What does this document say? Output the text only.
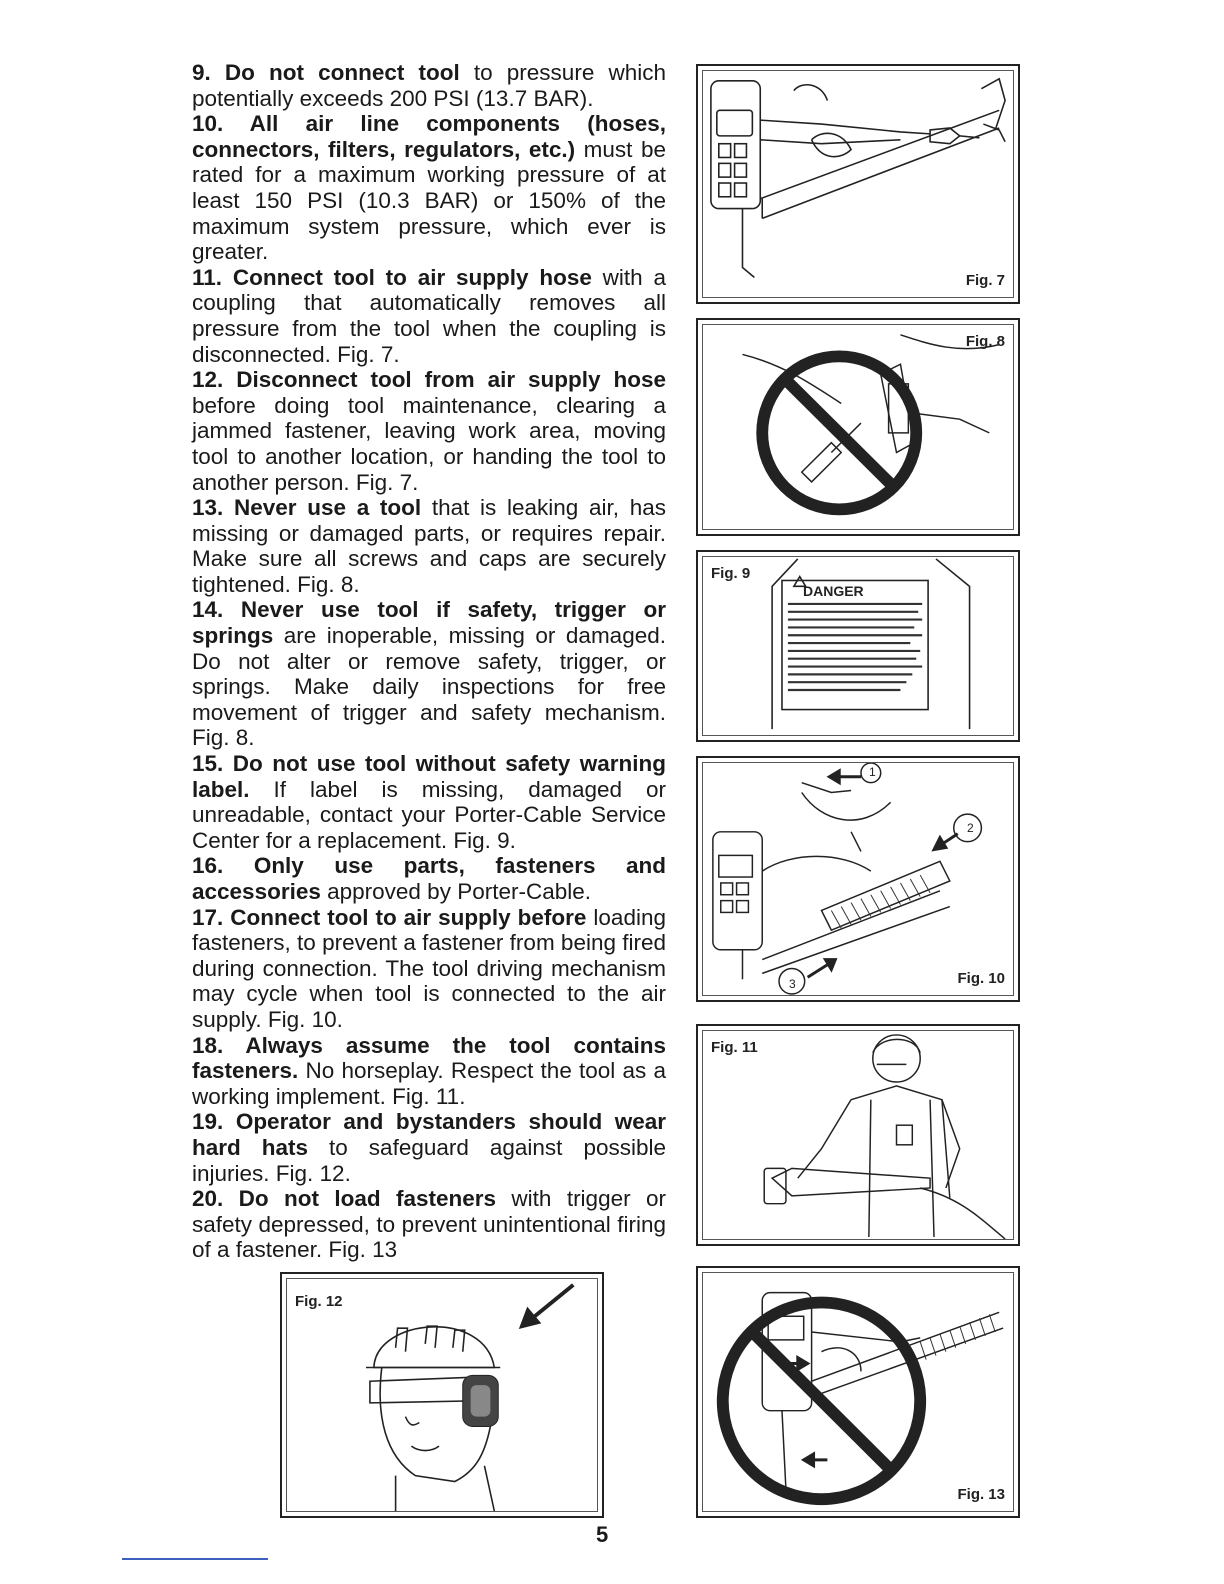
9. Do not connect tool to pressure which potentially exceeds 200 PSI (13.7 BAR).

10. All air line components (hoses, connectors, filters, regulators, etc.) must be rated for a maximum working pressure of at least 150 PSI (10.3 BAR) or 150% of the maximum system pressure, which ever is greater.

11. Connect tool to air supply hose with a coupling that automatically removes all pressure from the tool when the coupling is disconnected. Fig. 7.

12. Disconnect tool from air supply hose before doing tool maintenance, clearing a jammed fastener, leaving work area, moving tool to another location, or handing the tool to another person. Fig. 7.

13. Never use a tool that is leaking air, has missing or damaged parts, or requires repair. Make sure all screws and caps are securely tightened. Fig. 8.

14. Never use tool if safety, trigger or springs are inoperable, missing or damaged. Do not alter or remove safety, trigger, or springs. Make daily inspections for free movement of trigger and safety mechanism. Fig. 8.

15. Do not use tool without safety warning label. If label is missing, damaged or unreadable, contact your Porter-Cable Service Center for a replacement. Fig. 9.

16. Only use parts, fasteners and accessories approved by Porter-Cable.

17. Connect tool to air supply before loading fasteners, to prevent a fastener from being fired during connection. The tool driving mechanism may cycle when tool is connected to the air supply. Fig. 10.

18. Always assume the tool contains fasteners. No horseplay. Respect the tool as a working implement. Fig. 11.

19. Operator and bystanders should wear hard hats to safeguard against possible injuries. Fig. 12.

20. Do not load fasteners with trigger or safety depressed, to prevent unintentional firing of a fastener. Fig. 13

Fig. 7
Fig. 8
Fig. 9
DANGER
1
2
3	Fig. 10
Fig. 11
Fig. 13
Fig. 12
5
